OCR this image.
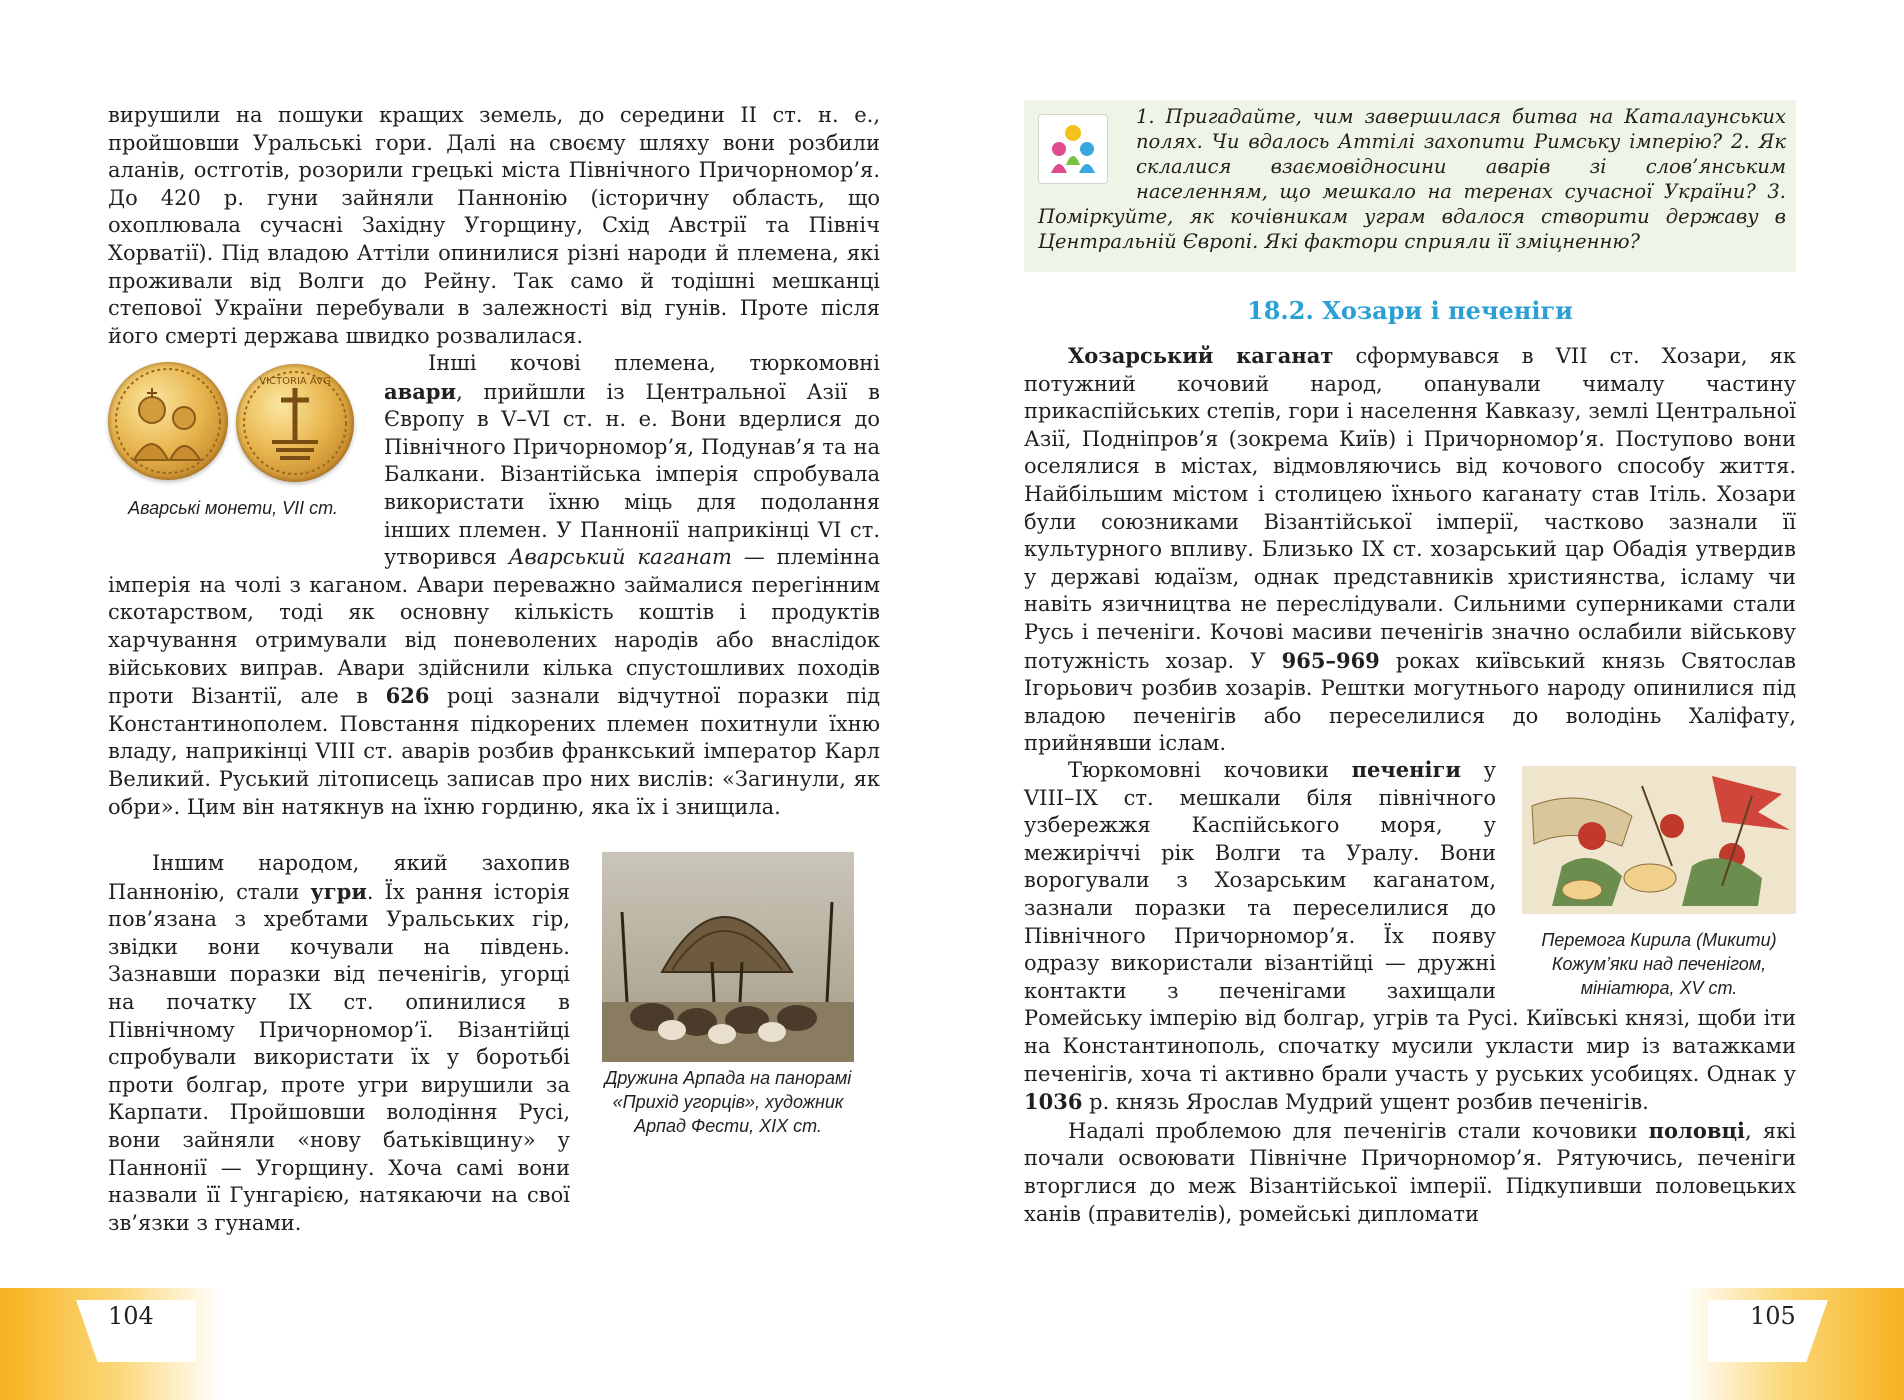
вирушили на пошуки кращих земель, до середини II ст. н. е., пройшовши Уральські гори. Далі на своєму шляху вони розбили аланів, остготів, розорили грецькі міста Північного Причорномор’я. До 420 р. гуни зайняли Паннонію (історичну область, що охоплювала сучасні Західну Угорщину, Схід Австрії та Північ Хорватії). Під владою Аттіли опинилися різні народи й племена, які проживали від Волги до Рейну. Так само й тодішні мешканці степової України перебували в залежності від гунів. Проте після його смерті держава швидко розвалилася.

VICTORIA AVG

Аварські монети, VII ст.

Інші кочові племена, тюркомовні авари, прийшли із Центральної Азії в Європу в V–VI ст. н. е. Вони вдерлися до Північного Причорномор’я, Подунав’я та на Балкани. Візантійська імперія спробувала використати їхню міць для подолання інших племен. У Паннонії наприкінці VI ст. утворився Аварський каганат — племінна імперія на чолі з каганом. Авари переважно займалися перегінним скотарством, тоді як основну кількість коштів і продуктів харчування отримували від поневолених народів або внаслідок військових виправ. Авари здійснили кілька спустошливих походів проти Візантії, але в 626 році зазнали відчутної поразки під Константинополем. Повстання підкорених племен похитнули їхню владу, наприкінці VIII ст. аварів розбив франкський імператор Карл Великий. Руський літописець записав про них вислів: «Загинули, як обри». Цим він натякнув на їхню гординю, яка їх і знищила.

Дружина Арпада на панорамі «Прихід угорців», художник Арпад Фести, XIX ст.

Іншим народом, який захопив Паннонію, стали угри. Їх рання історія пов’язана з хребтами Уральських гір, звідки вони кочували на південь. Зазнавши поразки від печенігів, угорці на початку IX ст. опинилися в Північному Причорномор’ї. Візантійці спробували використати їх у боротьбі проти болгар, проте угри вирушили за Карпати. Пройшовши володіння Русі, вони зайняли «нову батьківщину» у Паннонії — Угорщину. Хоча самі вони назвали її Гунгарією, натякаючи на свої зв’язки з гунами.

104

1. Пригадайте, чим завершилася битва на Каталаунських полях. Чи вдалось Аттілі захопити Римську імперію? 2. Як склалися взаємовідносини аварів зі слов’янським населенням, що мешкало на теренах сучасної України? 3. Поміркуйте, як кочівникам уграм вдалося створити державу в Центральній Європі. Які фактори сприяли її зміцненню?

18.2. Хозари і печеніги

Хозарський каганат сформувався в VII ст. Хозари, як потужний кочовий народ, опанували чималу частину прикаспійських степів, гори і населення Кавказу, землі Центральної Азії, Подніпров’я (зокрема Київ) і Причорномор’я. Поступово вони оселялися в містах, відмовляючись від кочового способу життя. Найбільшим містом і столицею їхнього каганату став Ітіль. Хозари були союзниками Візантійської імперії, частково зазнали її культурного впливу. Близько IX ст. хозарський цар Обадія утвердив у державі юдаїзм, однак представників християнства, ісламу чи навіть язичництва не переслідували. Сильними суперниками стали Русь і печеніги. Кочові масиви печенігів значно ослабили військову потужність хозар. У 965–969 роках київський князь Святослав Ігорьович розбив хозарів. Рештки могутнього народу опинилися під владою печенігів або переселилися до володінь Халіфату, прийнявши іслам.

Тюркомовні кочовики печеніги у VIII–IX ст. мешкали біля північного узбережжя Каспійського моря, у межиріччі рік Волги та Уралу. Вони ворогували з Хозарським каганатом, зазнали поразки та переселилися до Північного Причорномор’я. Їх появу одразу використали візантійці — дружні контакти з печенігами захищали Ромейську імперію від болгар, угрів та Русі. Київські князі, щоби іти на Константинополь, спочатку мусили укласти мир із ватажками печенігів, хоча ті активно брали участь у руських усобицях. Однак у 1036 р. князь Ярослав Мудрий ущент розбив печенігів.

Надалі проблемою для печенігів стали кочовики половці, які почали освоювати Північне Причорномор’я. Рятуючись, печеніги вторглися до меж Візантійської імперії. Підкупивши половецьких ханів (правителів), ромейські дипломати

Перемога Кирила (Микити) Кожум’яки над печенігом, мініатюра, XV ст.

105
